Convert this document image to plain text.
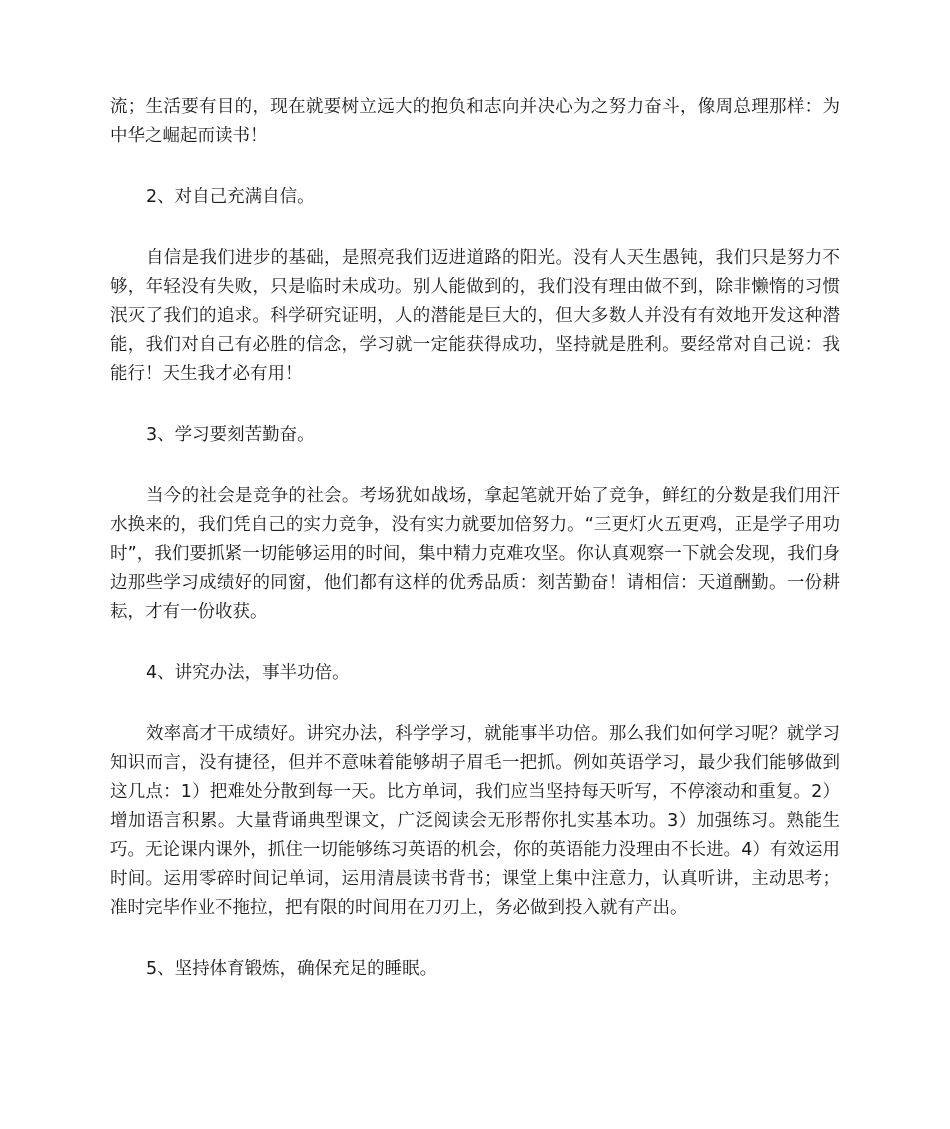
流；生活要有目的，现在就要树立远大的抱负和志向并决心为之努力奋斗，像周总理那样：为中华之崛起而读书！

2、对自己充满自信。

自信是我们进步的基础，是照亮我们迈进道路的阳光。没有人天生愚钝，我们只是努力不够，年轻没有失败，只是临时未成功。别人能做到的，我们没有理由做不到，除非懒惰的习惯泯灭了我们的追求。科学研究证明，人的潜能是巨大的，但大多数人并没有有效地开发这种潜能，我们对自己有必胜的信念，学习就一定能获得成功，坚持就是胜利。要经常对自己说：我能行！天生我才必有用！

3、学习要刻苦勤奋。

当今的社会是竞争的社会。考场犹如战场，拿起笔就开始了竞争，鲜红的分数是我们用汗水换来的，我们凭自己的实力竞争，没有实力就要加倍努力。“三更灯火五更鸡，正是学子用功时”，我们要抓紧一切能够运用的时间，集中精力克难攻坚。你认真观察一下就会发现，我们身边那些学习成绩好的同窗，他们都有这样的优秀品质：刻苦勤奋！请相信：天道酬勤。一份耕耘，才有一份收获。

4、讲究办法，事半功倍。

效率高才干成绩好。讲究办法，科学学习，就能事半功倍。那么我们如何学习呢？就学习知识而言，没有捷径，但并不意味着能够胡子眉毛一把抓。例如英语学习，最少我们能够做到这几点：1）把难处分散到每一天。比方单词，我们应当坚持每天听写，不停滚动和重复。2）增加语言积累。大量背诵典型课文，广泛阅读会无形帮你扎实基本功。3）加强练习。熟能生巧。无论课内课外，抓住一切能够练习英语的机会，你的英语能力没理由不长进。4）有效运用时间。运用零碎时间记单词，运用清晨读书背书；课堂上集中注意力，认真听讲，主动思考；准时完毕作业不拖拉，把有限的时间用在刀刃上，务必做到投入就有产出。

5、坚持体育锻炼，确保充足的睡眠。
